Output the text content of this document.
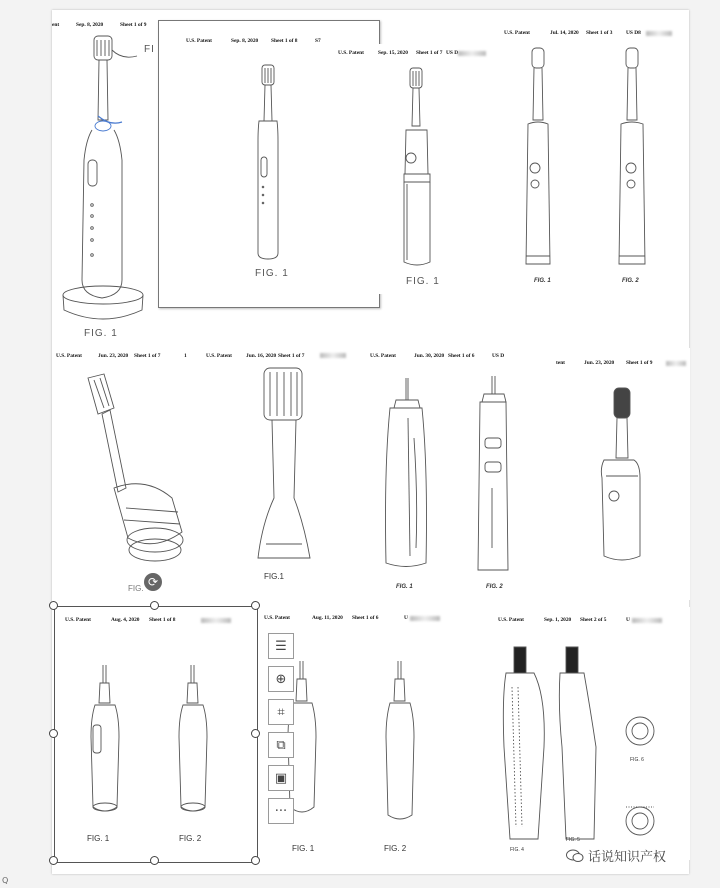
ent	Sep. 8, 2020	Sheet 1 of 9
FI
FIG. 1
U.S. Patent	Sep. 8, 2020 Sheet 1 of 8	S7
FIG. 1
U.S. Patent	Sep. 15, 2020 Sheet 1 of 7 US D
FIG. 1
U.S. Patent	Jul. 14, 2020 Sheet 1 of 3 US D8
FIG. 1	FIG. 2
U.S. Patent	Jun. 23, 2020 Sheet 1 of 7	1
FIG. ⟳
U.S. Patent	Jun. 16, 2020 Sheet 1 of 7
FIG.1
U.S. Patent	Jun. 30, 2020 Sheet 1 of 6	US D
FIG. 1	FIG. 2
tent	Jun. 23, 2020 Sheet 1 of 9
U.S. Patent	Aug. 4, 2020 Sheet 1 of 8
FIG. 1	FIG. 2
U.S. Patent	Aug. 11, 2020 Sheet 1 of 6	U
FIG. 1	FIG. 2
U.S. Patent	Sep. 1, 2020 Sheet 2 of 5	U
FIG. 4
FIG. 5
FIG. 6
☰
⊕
⌗
⧉
▣
···
话说知识产权
Q
